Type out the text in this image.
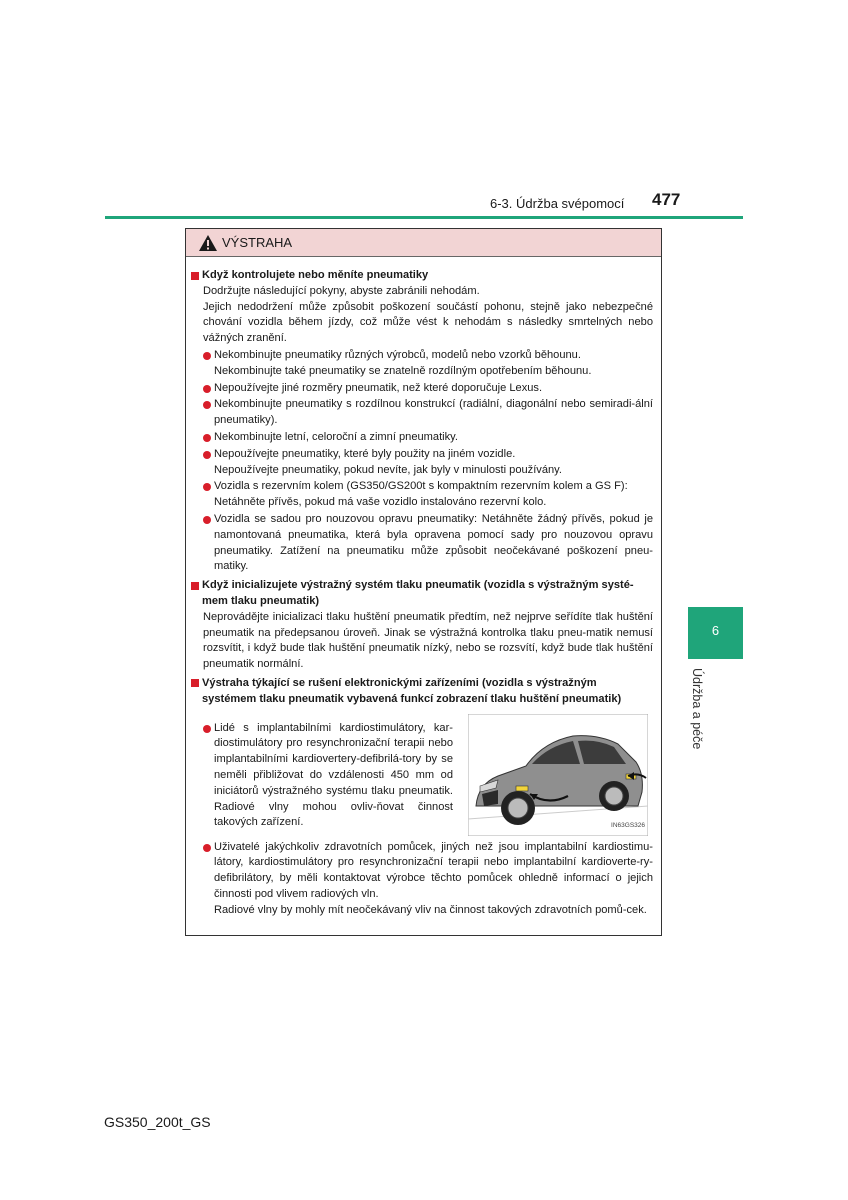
6-3. Údržba svépomocí 477
VÝSTRAHA
Když kontrolujete nebo měníte pneumatiky

Dodržujte následující pokyny, abyste zabránili nehodám.

Jejich nedodržení může způsobit poškození součástí pohonu, stejně jako nebezpečné chování vozidla během jízdy, což může vést k nehodám s následky smrtelných nebo vážných zranění.

Nekombinujte pneumatiky různých výrobců, modelů nebo vzorků běhounu.
Nekombinujte také pneumatiky se znatelně rozdílným opotřebením běhounu.
Nepoužívejte jiné rozměry pneumatik, než které doporučuje Lexus.
Nekombinujte pneumatiky s rozdílnou konstrukcí (radiální, diagonální nebo semiradi-ální pneumatiky).
Nekombinujte letní, celoroční a zimní pneumatiky.
Nepoužívejte pneumatiky, které byly použity na jiném vozidle.
Nepoužívejte pneumatiky, pokud nevíte, jak byly v minulosti používány.
Vozidla s rezervním kolem (GS350/GS200t s kompaktním rezervním kolem a GS F):
Netáhněte přívěs, pokud má vaše vozidlo instalováno rezervní kolo.
Vozidla se sadou pro nouzovou opravu pneumatiky: Netáhněte žádný přívěs, pokud je namontovaná pneumatika, která byla opravena pomocí sady pro nouzovou opravu pneumatiky. Zatížení na pneumatiku může způsobit neočekávané poškození pneu-matiky.
Když inicializujete výstražný systém tlaku pneumatik (vozidla s výstražným systé-mem tlaku pneumatik)

Neprovádějte inicializaci tlaku huštění pneumatik předtím, než nejprve seřídíte tlak huštění pneumatik na předepsanou úroveň. Jinak se výstražná kontrolka tlaku pneu-matik nemusí rozsvítit, i když bude tlak huštění pneumatik nízký, nebo se rozsvítí, když bude tlak huštění pneumatik normální.

Výstraha týkající se rušení elektronickými zařízeními (vozidla s výstražným systémem tlaku pneumatik vybavená funkcí zobrazení tlaku huštění pneumatik)
Lidé s implantabilními kardiostimulátory, kar-diostimulátory pro resynchronizační terapii nebo implantabilními kardiovertery-defibrilá-tory by se neměli přibližovat do vzdálenosti 450 mm od iniciátorů výstražného systému tlaku pneumatik. Radiové vlny mohou ovliv-ňovat činnost takových zařízení.	IN63GS326
Uživatelé jakýchkoliv zdravotních pomůcek, jiných než jsou implantabilní kardiostimu-látory, kardiostimulátory pro resynchronizační terapii nebo implantabilní kardioverte-ry-defibrilátory, by měli kontaktovat výrobce těchto pomůcek ohledně informací o jejich činnosti pod vlivem radiových vln.
Radiové vlny by mohly mít neočekávaný vliv na činnost takových zdravotních pomů-cek.
6
Údržba a péče
GS350_200t_GS
